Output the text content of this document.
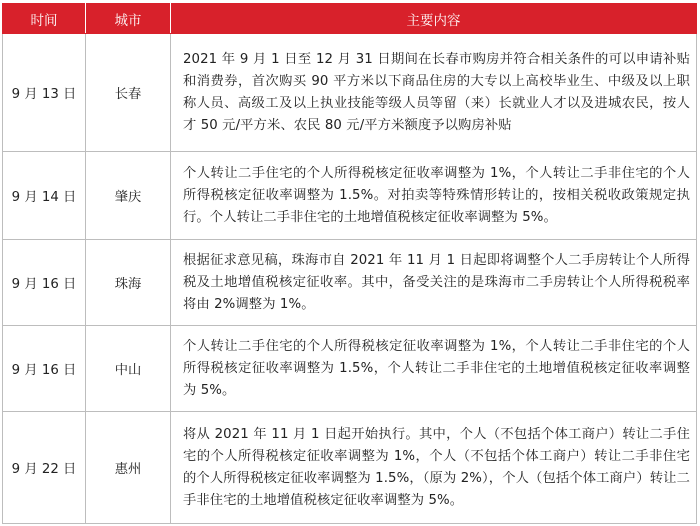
时间	城市	主要内容
9 月 13 日	长春	2021 年 9 月 1 日至 12 月 31 日期间在长春市购房并符合相关条件的可以申请补贴和消费券，首次购买 90 平方米以下商品住房的大专以上高校毕业生、中级及以上职称人员、高级工及以上执业技能等级人员等留（来）长就业人才以及进城农民，按人才 50 元/平方米、农民 80 元/平方米额度予以购房补贴
9 月 14 日	肇庆	个人转让二手住宅的个人所得税核定征收率调整为 1%，个人转让二手非住宅的个人所得税核定征收率调整为 1.5%。对拍卖等特殊情形转让的，按相关税收政策规定执行。个人转让二手非住宅的土地增值税核定征收率调整为 5%。
9 月 16 日	珠海	根据征求意见稿，珠海市自 2021 年 11 月 1 日起即将调整个人二手房转让个人所得税及土地增值税核定征收率。其中，备受关注的是珠海市二手房转让个人所得税税率将由 2%调整为 1%。
9 月 16 日	中山	个人转让二手住宅的个人所得税核定征收率调整为 1%，个人转让二手非住宅的个人所得税核定征收率调整为 1.5%，个人转让二手非住宅的土地增值税核定征收率调整为 5%。
9 月 22 日	惠州	将从 2021 年 11 月 1 日起开始执行。其中，个人（不包括个体工商户）转让二手住宅的个人所得税核定征收率调整为 1%，个人（不包括个体工商户）转让二手非住宅的个人所得税核定征收率调整为 1.5%，（原为 2%），个人（包括个体工商户）转让二手非住宅的土地增值税核定征收率调整为 5%。
